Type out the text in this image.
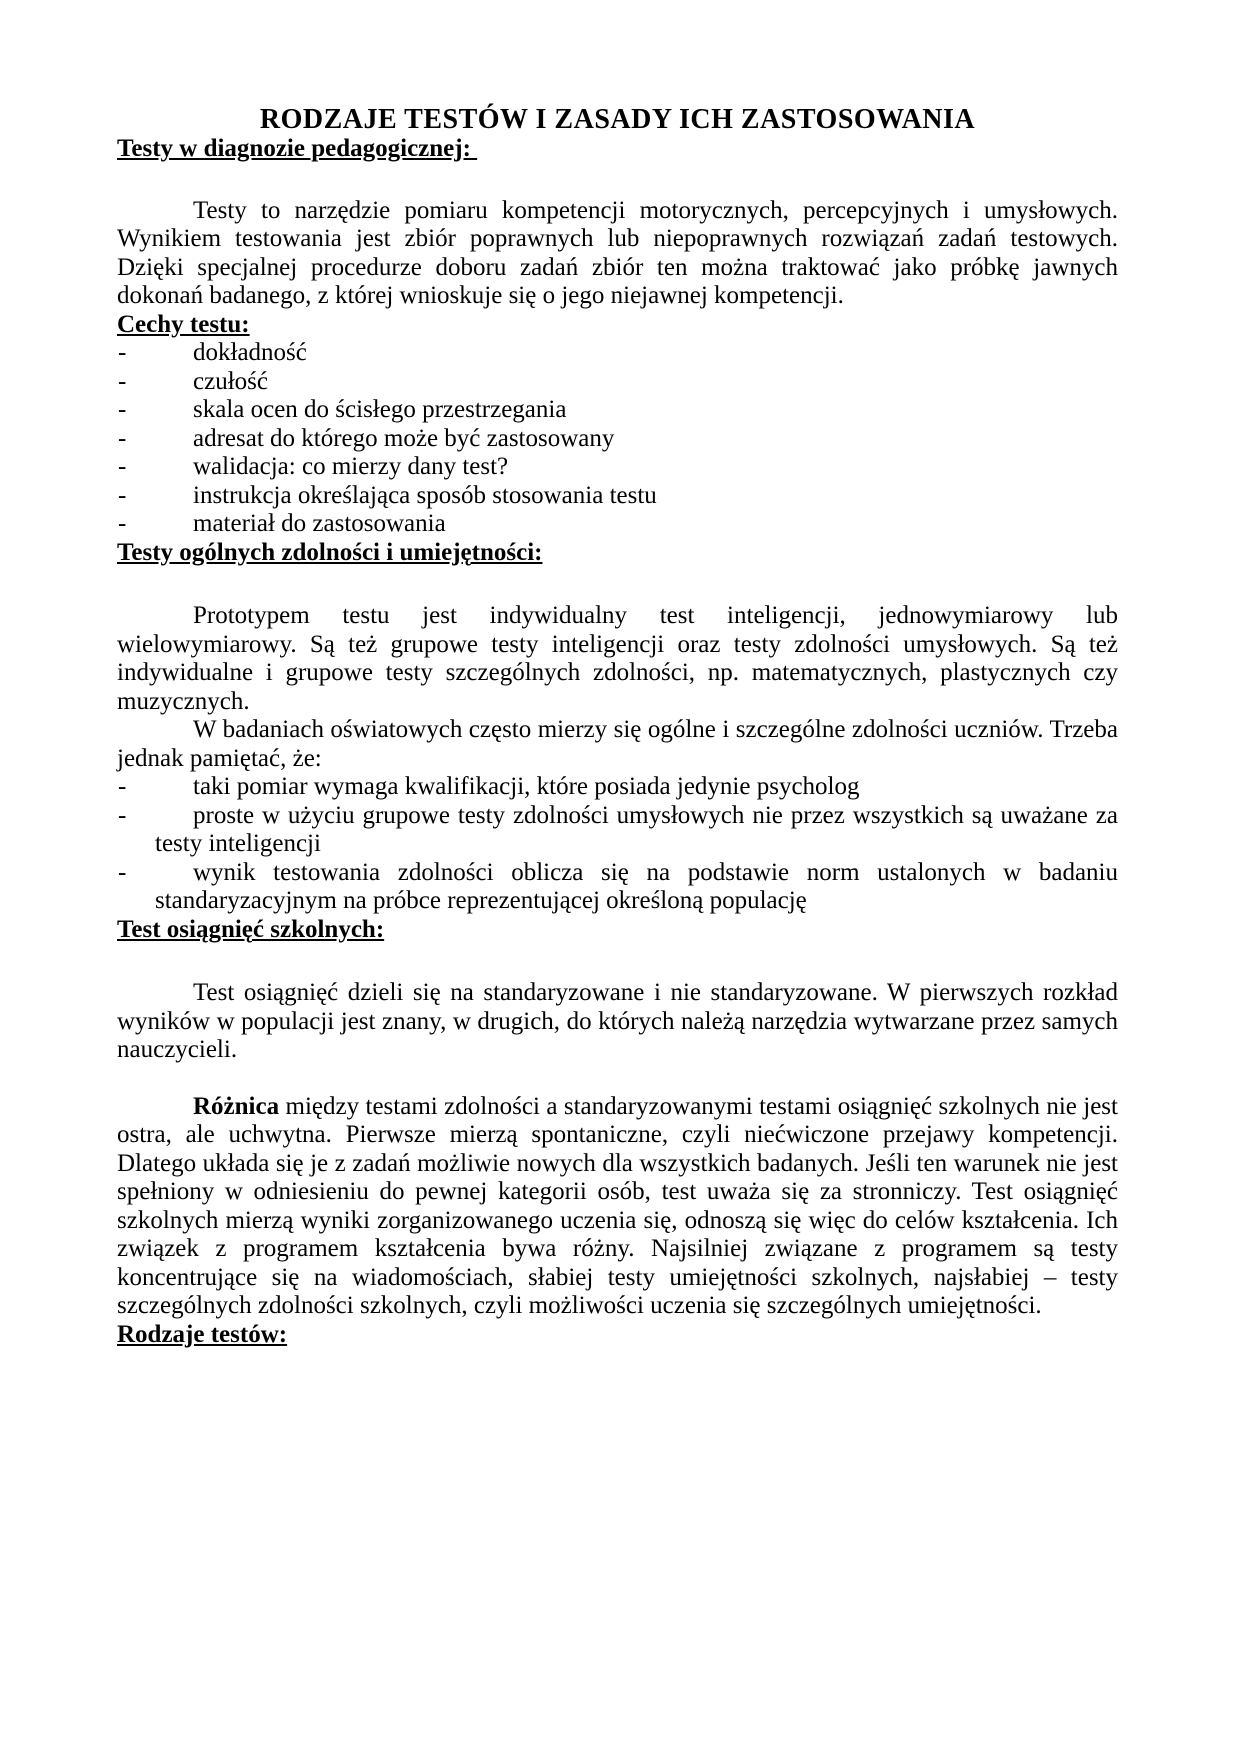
RODZAJE TESTÓW I ZASADY ICH ZASTOSOWANIA
Testy w diagnozie pedagogicznej:

Testy to narzędzie pomiaru kompetencji motorycznych, percepcyjnych i umysłowych. Wynikiem testowania jest zbiór poprawnych lub niepoprawnych rozwiązań zadań testowych. Dzięki specjalnej procedurze doboru zadań zbiór ten można traktować jako próbkę jawnych dokonań badanego, z której wnioskuje się o jego niejawnej kompetencji.

Cechy testu:
-	dokładność
-	czułość
-	skala ocen do ścisłego przestrzegania
-	adresat do którego może być zastosowany
-	walidacja: co mierzy dany test?
-	instrukcja określająca sposób stosowania testu
-	materiał do zastosowania
Testy ogólnych zdolności i umiejętności:

Prototypem testu jest indywidualny test inteligencji, jednowymiarowy lub wielowymiarowy. Są też grupowe testy inteligencji oraz testy zdolności umysłowych. Są też indywidualne i grupowe testy szczególnych zdolności, np. matematycznych, plastycznych czy muzycznych.

W badaniach oświatowych często mierzy się ogólne i szczególne zdolności uczniów. Trzeba jednak pamiętać, że:

-	taki pomiar wymaga kwalifikacji, które posiada jedynie psycholog
-	proste w użyciu grupowe testy zdolności umysłowych nie przez wszystkich są uważane za testy inteligencji
-	wynik testowania zdolności oblicza się na podstawie norm ustalonych w badaniu standaryzacyjnym na próbce reprezentującej określoną populację
Test osiągnięć szkolnych:

Test osiągnięć dzieli się na standaryzowane i nie standaryzowane. W pierwszych rozkład wyników w populacji jest znany, w drugich, do których należą narzędzia wytwarzane przez samych nauczycieli.

Różnica między testami zdolności a standaryzowanymi testami osiągnięć szkolnych nie jest ostra, ale uchwytna. Pierwsze mierzą spontaniczne, czyli niećwiczone przejawy kompetencji. Dlatego układa się je z zadań możliwie nowych dla wszystkich badanych. Jeśli ten warunek nie jest spełniony w odniesieniu do pewnej kategorii osób, test uważa się za stronniczy. Test osiągnięć szkolnych mierzą wyniki zorganizowanego uczenia się, odnoszą się więc do celów kształcenia. Ich związek z programem kształcenia bywa różny. Najsilniej związane z programem są testy koncentrujące się na wiadomościach, słabiej testy umiejętności szkolnych, najsłabiej – testy szczególnych zdolności szkolnych, czyli możliwości uczenia się szczególnych umiejętności.

Rodzaje testów:
